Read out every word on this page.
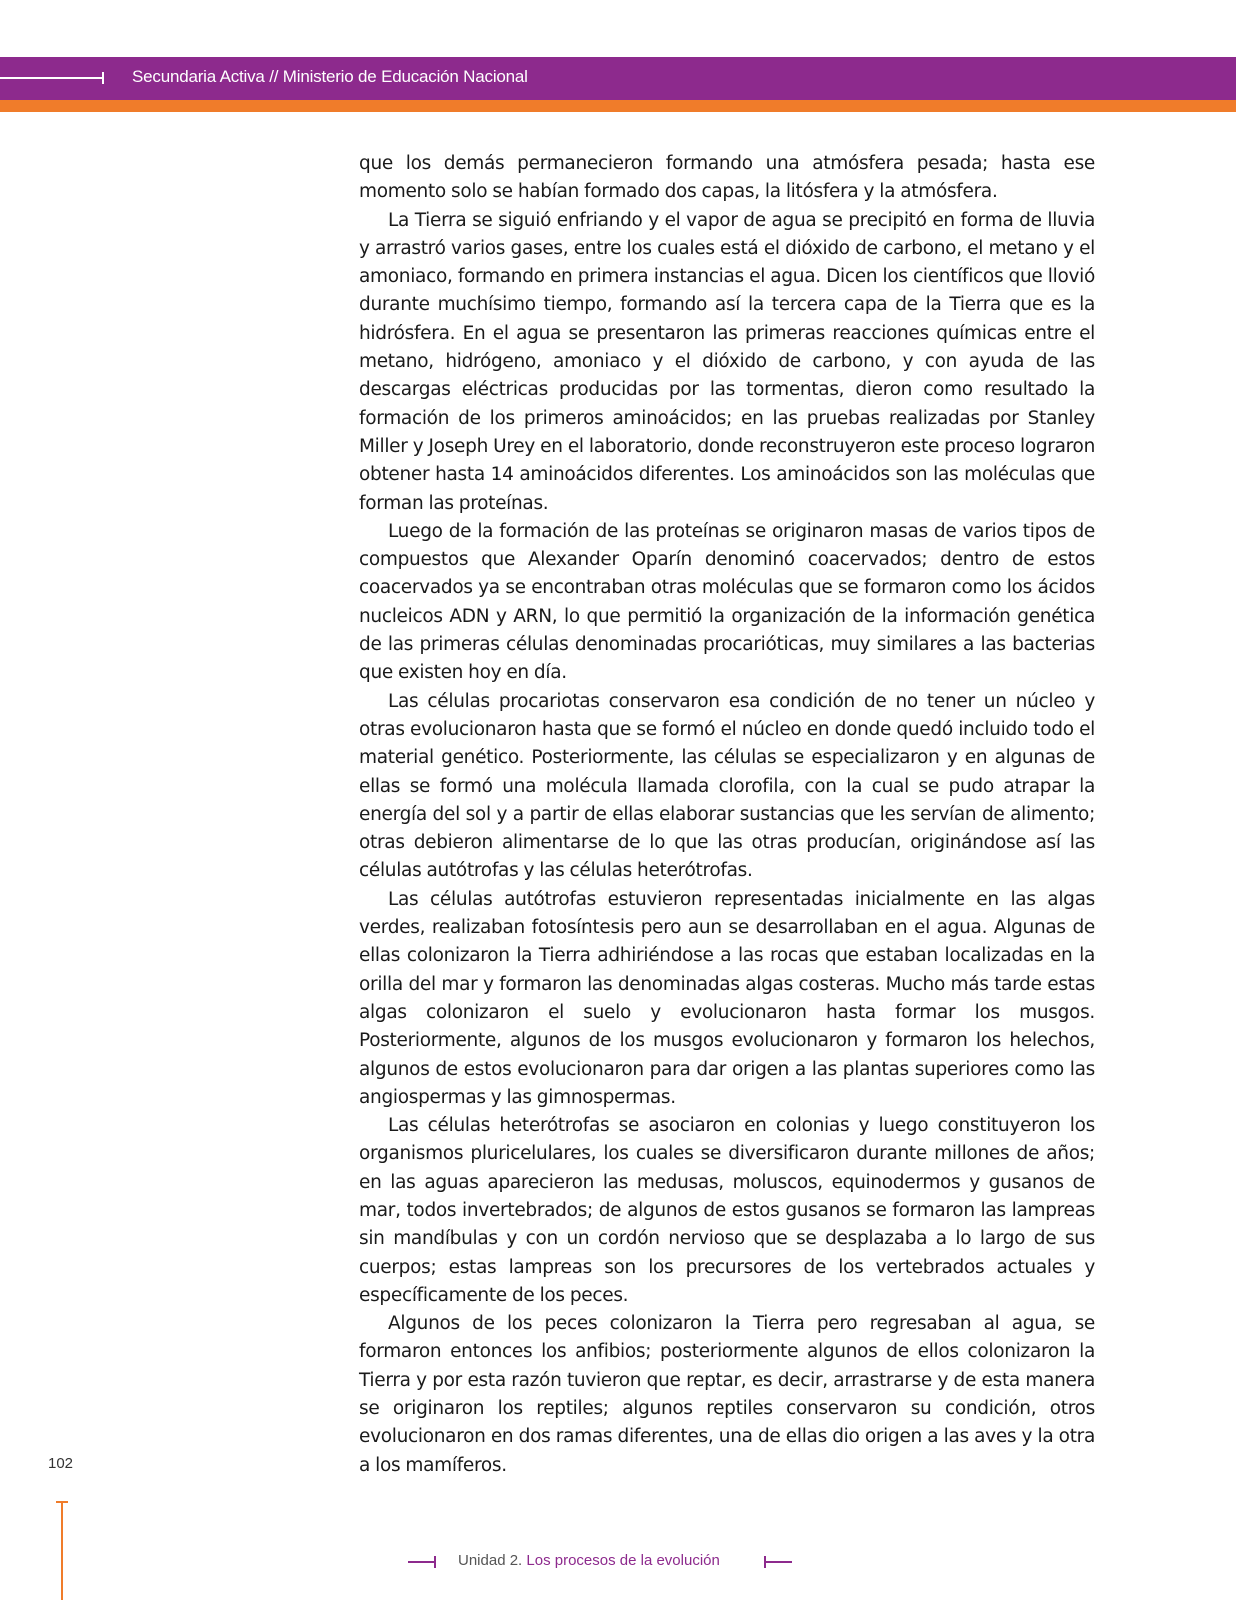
Secundaria Activa // Ministerio de Educación Nacional

que los demás permanecieron formando una atmósfera pesada; hasta ese momento solo se habían formado dos capas, la litósfera y la atmósfera.

La Tierra se siguió enfriando y el vapor de agua se precipitó en forma de lluvia y arrastró varios gases, entre los cuales está el dióxido de carbono, el metano y el amoniaco, formando en primera instancias el agua. Dicen los científicos que llovió durante muchísimo tiempo, formando así la tercera capa de la Tierra que es la hidrósfera. En el agua se presentaron las primeras reacciones químicas entre el metano, hidrógeno, amoniaco y el dióxido de carbono, y con ayuda de las descargas eléctricas producidas por las tormentas, dieron como resultado la formación de los primeros aminoácidos; en las pruebas realizadas por Stanley Miller y Joseph Urey en el laboratorio, donde reconstruyeron este proceso lograron obtener hasta 14 aminoácidos diferentes. Los aminoácidos son las moléculas que forman las proteínas.

Luego de la formación de las proteínas se originaron masas de varios tipos de compuestos que Alexander Oparín denominó coacervados; dentro de estos coacervados ya se encontraban otras moléculas que se formaron como los ácidos nucleicos ADN y ARN, lo que permitió la organización de la información genética de las primeras células denominadas procarióticas, muy similares a las bacterias que existen hoy en día.

Las células procariotas conservaron esa condición de no tener un núcleo y otras evolucionaron hasta que se formó el núcleo en donde quedó incluido todo el material genético. Posteriormente, las células se especializaron y en algunas de ellas se formó una molécula llamada clorofila, con la cual se pudo atrapar la energía del sol y a partir de ellas elaborar sustancias que les servían de alimento; otras debieron alimentarse de lo que las otras producían, originándose así las células autótrofas y las células heterótrofas.

Las células autótrofas estuvieron representadas inicialmente en las algas verdes, realizaban fotosíntesis pero aun se desarrollaban en el agua. Algunas de ellas colonizaron la Tierra adhiriéndose a las rocas que estaban localizadas en la orilla del mar y formaron las denominadas algas costeras. Mucho más tarde estas algas colonizaron el suelo y evolucionaron hasta formar los musgos. Posteriormente, algunos de los musgos evolucionaron y formaron los helechos, algunos de estos evolucionaron para dar origen a las plantas superiores como las angiospermas y las gimnospermas.

Las células heterótrofas se asociaron en colonias y luego constituyeron los organismos pluricelulares, los cuales se diversificaron durante millones de años; en las aguas aparecieron las medusas, moluscos, equinodermos y gusanos de mar, todos invertebrados; de algunos de estos gusanos se formaron las lampreas sin mandíbulas y con un cordón nervioso que se desplazaba a lo largo de sus cuerpos; estas lampreas son los precursores de los vertebrados actuales y específicamente de los peces.

Algunos de los peces colonizaron la Tierra pero regresaban al agua, se formaron entonces los anfibios; posteriormente algunos de ellos colonizaron la Tierra y por esta razón tuvieron que reptar, es decir, arrastrarse y de esta manera se originaron los reptiles; algunos reptiles conservaron su condición, otros evolucionaron en dos ramas diferentes, una de ellas dio origen a las aves y la otra a los mamíferos.

102
Unidad 2. Los procesos de la evolución
